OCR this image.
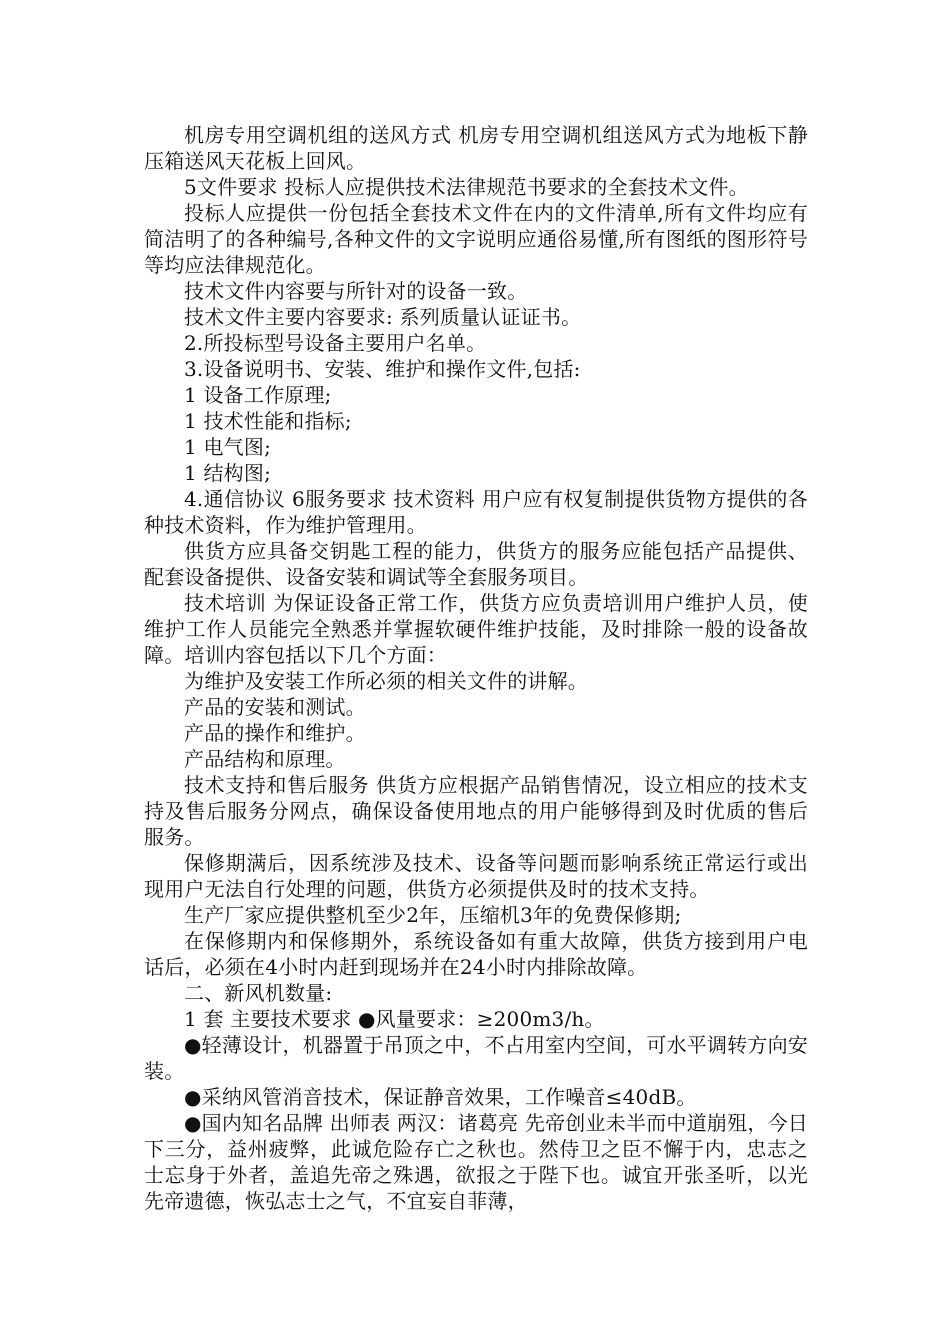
机房专用空调机组的送风方式 机房专用空调机组送风方式为地板下静压箱送风天花板上回风。

5文件要求 投标人应提供技术法律规范书要求的全套技术文件。

投标人应提供一份包括全套技术文件在内的文件清单,所有文件均应有简洁明了的各种编号,各种文件的文字说明应通俗易懂,所有图纸的图形符号等均应法律规范化。

技术文件内容要与所针对的设备一致。

技术文件主要内容要求: 系列质量认证证书。

2.所投标型号设备主要用户名单。

3.设备说明书、安装、维护和操作文件,包括:

1 设备工作原理;

1 技术性能和指标;

1 电气图;

1 结构图;

4.通信协议 6服务要求 技术资料 用户应有权复制提供货物方提供的各种技术资料，作为维护管理用。

供货方应具备交钥匙工程的能力，供货方的服务应能包括产品提供、配套设备提供、设备安装和调试等全套服务项目。

技术培训 为保证设备正常工作，供货方应负责培训用户维护人员，使维护工作人员能完全熟悉并掌握软硬件维护技能，及时排除一般的设备故障。培训内容包括以下几个方面：

为维护及安装工作所必须的相关文件的讲解。

产品的安装和测试。

产品的操作和维护。

产品结构和原理。

技术支持和售后服务 供货方应根据产品销售情况，设立相应的技术支持及售后服务分网点，确保设备使用地点的用户能够得到及时优质的售后服务。

保修期满后，因系统涉及技术、设备等问题而影响系统正常运行或出现用户无法自行处理的问题，供货方必须提供及时的技术支持。

生产厂家应提供整机至少2年，压缩机3年的免费保修期;

在保修期内和保修期外，系统设备如有重大故障，供货方接到用户电话后，必须在4小时内赶到现场并在24小时内排除故障。

二、新风机数量:

1 套 主要技术要求 ●风量要求：≥200m3/h。

●轻薄设计，机器置于吊顶之中，不占用室内空间，可水平调转方向安装。

●采纳风管消音技术，保证静音效果，工作噪音≤40dB。

●国内知名品牌 出师表 两汉：诸葛亮 先帝创业未半而中道崩殂，今日下三分，益州疲弊，此诚危险存亡之秋也。然侍卫之臣不懈于内，忠志之士忘身于外者，盖追先帝之殊遇，欲报之于陛下也。诚宜开张圣听，以光先帝遗德，恢弘志士之气，不宜妄自菲薄，
